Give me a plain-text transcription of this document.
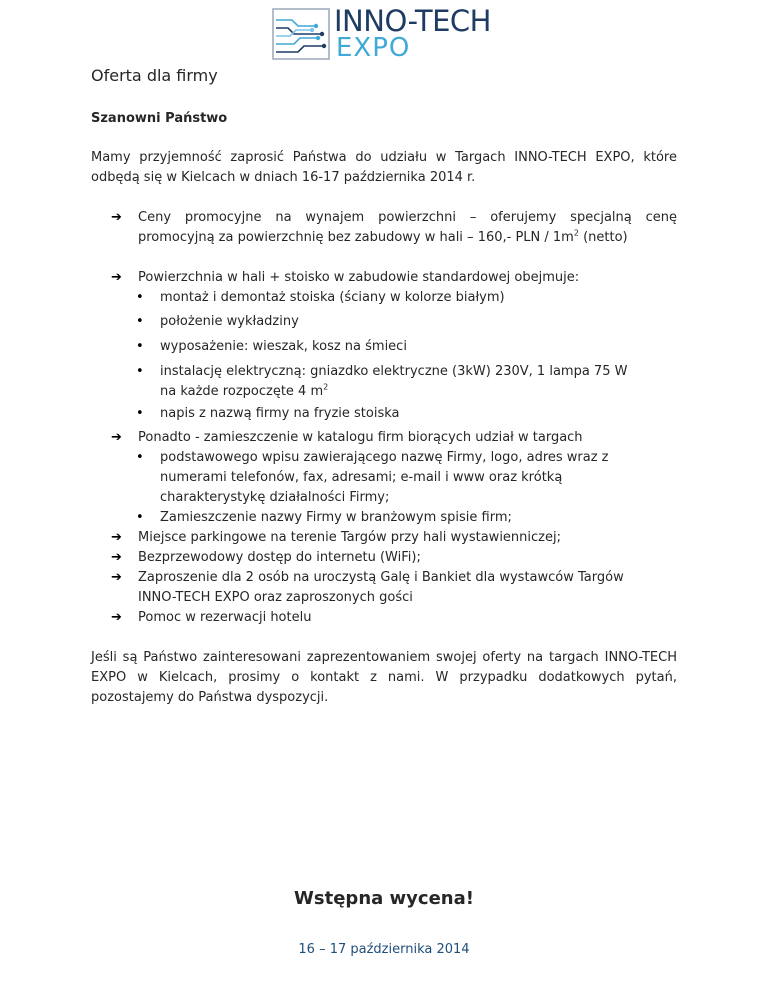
INNO-TECH
EXPO
Oferta dla firmy
Szanowni Państwo
Mamy przyjemność zaprosić Państwa do udziału w Targach INNO-TECH EXPO, które odbędą się w Kielcach w dniach 16-17 października 2014 r.
➔	Ceny promocyjne na wynajem powierzchni – oferujemy specjalną cenę promocyjną za powierzchnię bez zabudowy w hali – 160,- PLN / $1m^2$ (netto)
➔	Powierzchnia w hali + stoisko w zabudowie standardowej obejmuje:
•	montaż i demontaż stoiska (ściany w kolorze białym)
•	położenie wykładziny
•	wyposażenie: wieszak, kosz na śmieci
•	instalację elektryczną: gniazdko elektryczne (3kW) 230V, 1 lampa 75 W na każde rozpoczęte 4 $m^2$
•	napis z nazwą firmy na fryzie stoiska
➔	Ponadto - zamieszczenie w katalogu firm biorących udział w targach
•	podstawowego wpisu zawierającego nazwę Firmy, logo, adres wraz z numerami telefonów, fax, adresami; e-mail i www oraz krótką charakterystykę działalności Firmy;
•	Zamieszczenie nazwy Firmy w branżowym spisie firm;
➔	Miejsce parkingowe na terenie Targów przy hali wystawienniczej;
➔	Bezprzewodowy dostęp do internetu (WiFi);
➔	Zaproszenie dla 2 osób na uroczystą Galę i Bankiet dla wystawców Targów INNO-TECH EXPO oraz zaproszonych gości
➔	Pomoc w rezerwacji hotelu
Jeśli są Państwo zainteresowani zaprezentowaniem swojej oferty na targach INNO-TECH EXPO w Kielcach, prosimy o kontakt z nami. W przypadku dodatkowych pytań, pozostajemy do Państwa dyspozycji.
Wstępna wycena!
16 – 17 października 2014
